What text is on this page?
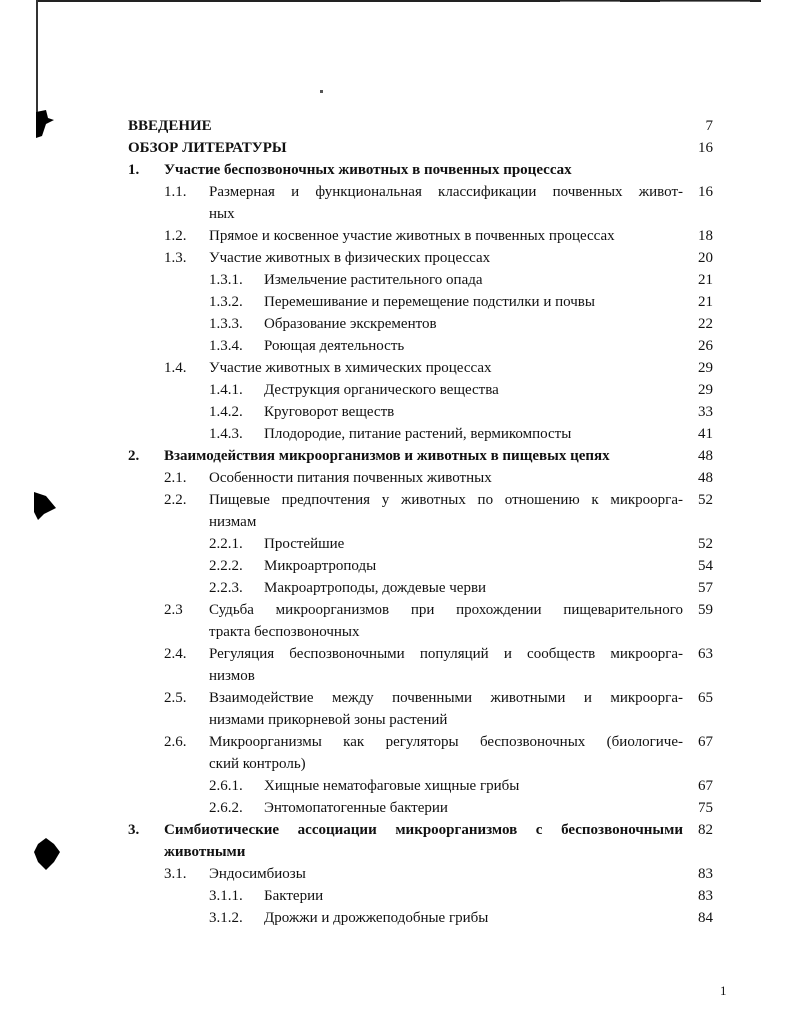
ВВЕДЕНИЕ	7
ОБЗОР ЛИТЕРАТУРЫ	16
1. Участие беспозвоночных животных в почвенных процессах
1.1. Размерная и функциональная классификации почвенных живот-	16
ных
1.2. Прямое и косвенное участие животных в почвенных процессах	18
1.3. Участие животных в физических процессах	20
1.3.1. Измельчение растительного опада	21
1.3.2. Перемешивание и перемещение подстилки и почвы	21
1.3.3. Образование экскрементов	22
1.3.4. Роющая деятельность	26
1.4. Участие животных в химических процессах	29
1.4.1. Деструкция органического вещества	29
1.4.2. Круговорот веществ	33
1.4.3. Плодородие, питание растений, вермикомпосты	41
2. Взаимодействия микроорганизмов и животных в пищевых цепях	48
2.1. Особенности питания почвенных животных	48
2.2. Пищевые предпочтения у животных по отношению к микроорга-	52
низмам
2.2.1. Простейшие	52
2.2.2. Микроартроподы	54
2.2.3. Макроартроподы, дождевые черви	57
2.3 Судьба микроорганизмов при прохождении пищеварительного	59
тракта беспозвоночных
2.4. Регуляция беспозвоночными популяций и сообществ микроорга-	63
низмов
2.5. Взаимодействие между почвенными животными и микроорга-	65
низмами прикорневой зоны растений
2.6. Микроорганизмы как регуляторы беспозвоночных (биологиче-	67
ский контроль)
2.6.1. Хищные нематофаговые хищные грибы	67
2.6.2. Энтомопатогенные бактерии	75
3. Симбиотические ассоциации микроорганизмов с беспозвоночными	82
животными
3.1. Эндосимбиозы	83
3.1.1. Бактерии	83
3.1.2. Дрожжи и дрожжеподобные грибы	84
1
